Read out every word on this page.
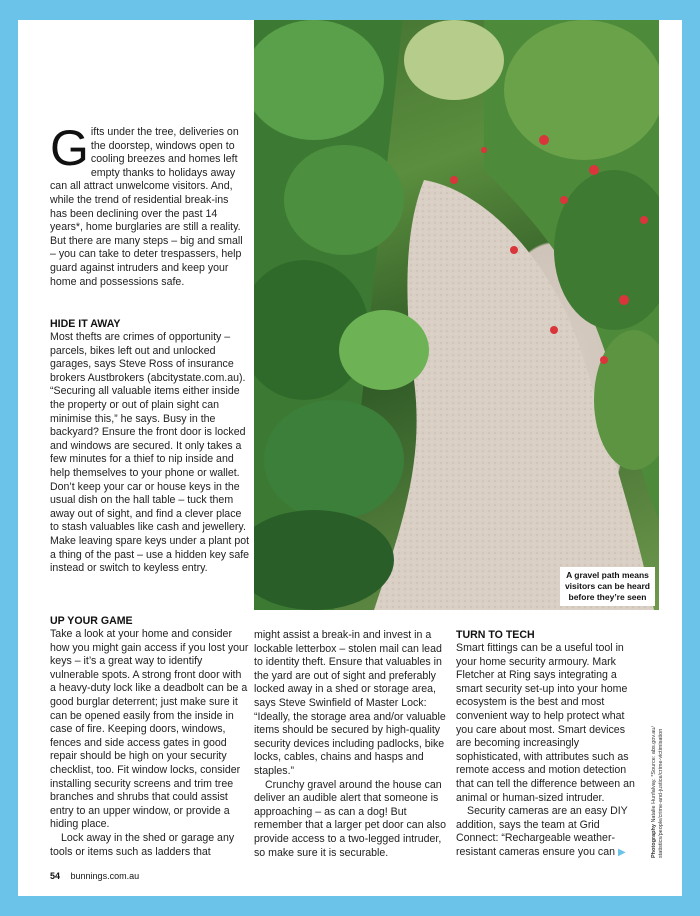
A gravel path means
visitors can be heard
before they’re seen
G ifts under the tree, deliveries on the doorstep, windows open to cooling breezes and homes left empty thanks to holidays away can all attract unwelcome visitors. And, while the trend of residential break-ins has been declining over the past 14 years*, home burglaries are still a reality. But there are many steps – big and small – you can take to deter trespassers, help guard against intruders and keep your home and possessions safe.

HIDE IT AWAY

Most thefts are crimes of opportunity – parcels, bikes left out and unlocked garages, says Steve Ross of insurance brokers Austbrokers (abcitystate.com.au). “Securing all valuable items either inside the property or out of plain sight can minimise this,” he says. Busy in the backyard? Ensure the front door is locked and windows are secured. It only takes a few minutes for a thief to nip inside and help themselves to your phone or wallet. Don’t keep your car or house keys in the usual dish on the hall table – tuck them away out of sight, and find a clever place to stash valuables like cash and jewellery. Make leaving spare keys under a plant pot a thing of the past – use a hidden key safe instead or switch to keyless entry.

UP YOUR GAME

Take a look at your home and consider how you might gain access if you lost your keys – it’s a great way to identify vulnerable spots. A strong front door with a heavy-duty lock like a deadbolt can be a good burglar deterrent; just make sure it can be opened easily from the inside in case of fire. Keeping doors, windows, fences and side access gates in good repair should be high on your security checklist, too. Fit window locks, consider installing security screens and trim tree branches and shrubs that could assist entry to an upper window, or provide a hiding place.

Lock away in the shed or garage any tools or items such as ladders that

might assist a break-in and invest in a lockable letterbox – stolen mail can lead to identity theft. Ensure that valuables in the yard are out of sight and preferably locked away in a shed or storage area, says Steve Swinfield of Master Lock: “Ideally, the storage area and/or valuable items should be secured by high-quality security devices including padlocks, bike locks, cables, chains and hasps and staples.”

Crunchy gravel around the house can deliver an audible alert that someone is approaching – as can a dog! But remember that a larger pet door can also provide access to a two-legged intruder, so make sure it is securable.

TURN TO TECH

Smart fittings can be a useful tool in your home security armoury. Mark Fletcher at Ring says integrating a smart security set-up into your home ecosystem is the best and most convenient way to help protect what you care about most. Smart devices are becoming increasingly sophisticated, with attributes such as remote access and motion detection that can tell the difference between an animal or human-sized intruder.

Security cameras are an easy DIY addition, says the team at Grid Connect: “Rechargeable weather-resistant cameras ensure you can ▶	Photography Natalie Hunfalvay. *Source: abs.gov.au/ statistics/people/crime-and-justice/crime-victimisation
54 bunnings.com.au
